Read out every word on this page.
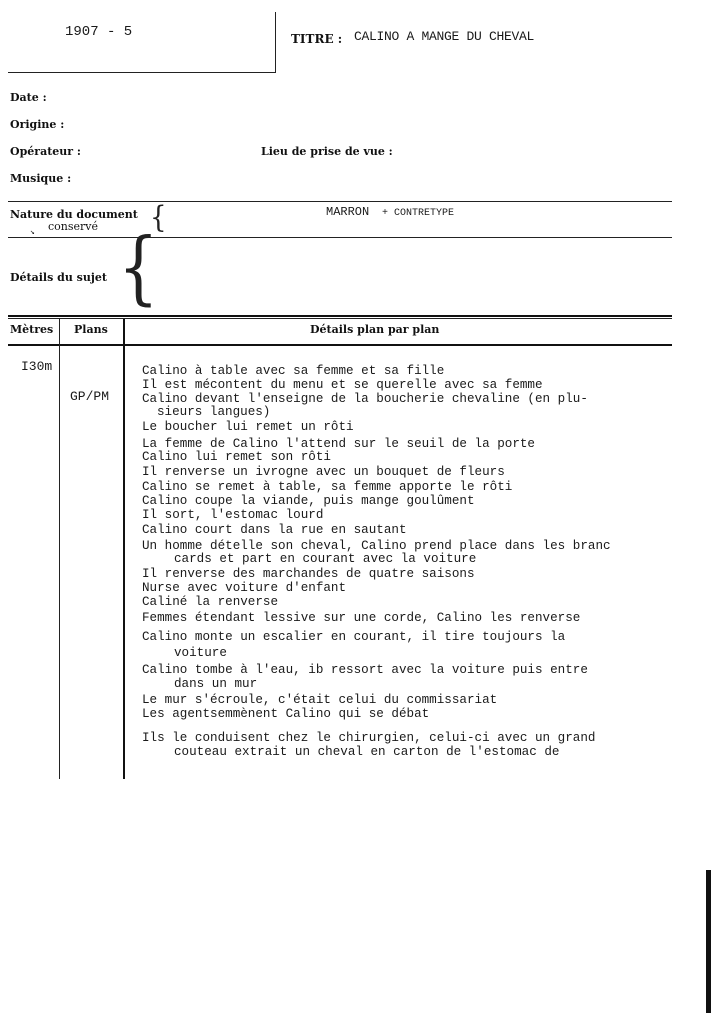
1907 - 5	TITRE : CALINO A MANGE DU CHEVAL
Date :
Origine :
Opérateur :	Lieu de prise de vue :
Musique :
Nature du document
↘ conservé {	MARRON + CONTRETYPE
Détails du sujet {
Mètres Plans	Détails plan par plan
I30m
GP/PM
Calino à table avec sa femme et sa fille
Il est mécontent du menu et se querelle avec sa femme
Calino devant l'enseigne de la boucherie chevaline (en plu-
sieurs langues)
Le boucher lui remet un rôti
La femme de Calino l'attend sur le seuil de la porte
Calino lui remet son rôti
Il renverse un ivrogne avec un bouquet de fleurs
Calino se remet à table, sa femme apporte le rôti
Calino coupe la viande, puis mange goulûment
Il sort, l'estomac lourd
Calino court dans la rue en sautant
Un homme dételle son cheval, Calino prend place dans les branc
cards et part en courant avec la voiture
Il renverse des marchandes de quatre saisons
Nurse avec voiture d'enfant
Caliné la renverse
Femmes étendant lessive sur une corde, Calino les renverse
Calino monte un escalier en courant, il tire toujours la
voiture
Calino tombe à l'eau, ib ressort avec la voiture puis entre
dans un mur
Le mur s'écroule, c'était celui du commissariat
Les agentsemmènent Calino qui se débat
Ils le conduisent chez le chirurgien, celui-ci avec un grand
couteau extrait un cheval en carton de l'estomac de
